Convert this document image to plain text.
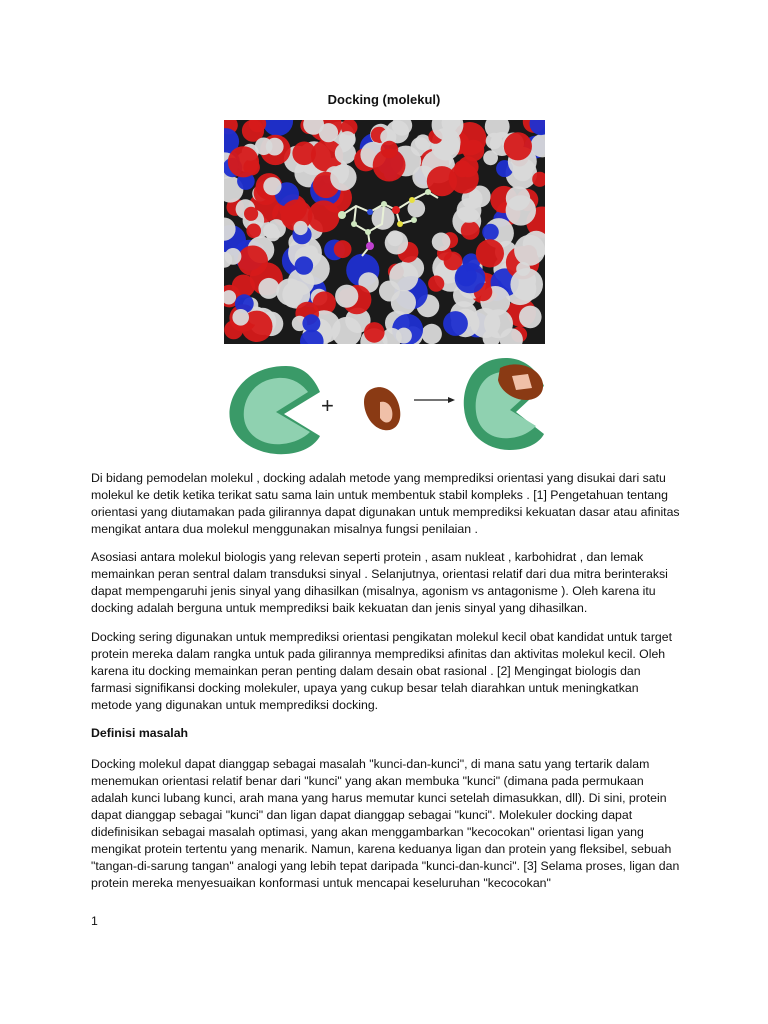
Docking (molekul)
+

Di bidang pemodelan molekul , docking adalah metode yang memprediksi orientasi yang disukai dari satu molekul ke detik ketika terikat satu sama lain untuk membentuk stabil kompleks . [1] Pengetahuan tentang orientasi yang diutamakan pada gilirannya dapat digunakan untuk memprediksi kekuatan dasar atau afinitas mengikat antara dua molekul menggunakan misalnya fungsi penilaian .

Asosiasi antara molekul biologis yang relevan seperti protein , asam nukleat , karbohidrat , dan lemak memainkan peran sentral dalam transduksi sinyal . Selanjutnya, orientasi relatif dari dua mitra berinteraksi dapat mempengaruhi jenis sinyal yang dihasilkan (misalnya, agonism vs antagonisme ). Oleh karena itu docking adalah berguna untuk memprediksi baik kekuatan dan jenis sinyal yang dihasilkan.

Docking sering digunakan untuk memprediksi orientasi pengikatan molekul kecil obat kandidat untuk target protein mereka dalam rangka untuk pada gilirannya memprediksi afinitas dan aktivitas molekul kecil. Oleh karena itu docking memainkan peran penting dalam desain obat rasional . [2] Mengingat biologis dan farmasi signifikansi docking molekuler, upaya yang cukup besar telah diarahkan untuk meningkatkan metode yang digunakan untuk memprediksi docking.

Definisi masalah

Docking molekul dapat dianggap sebagai masalah "kunci-dan-kunci", di mana satu yang tertarik dalam menemukan orientasi relatif benar dari "kunci" yang akan membuka "kunci" (dimana pada permukaan adalah kunci lubang kunci, arah mana yang harus memutar kunci setelah dimasukkan, dll). Di sini, protein dapat dianggap sebagai "kunci" dan ligan dapat dianggap sebagai "kunci". Molekuler docking dapat didefinisikan sebagai masalah optimasi, yang akan menggambarkan "kecocokan" orientasi ligan yang mengikat protein tertentu yang menarik. Namun, karena keduanya ligan dan protein yang fleksibel, sebuah "tangan-di-sarung tangan" analogi yang lebih tepat daripada "kunci-dan-kunci". [3] Selama proses, ligan dan protein mereka menyesuaikan konformasi untuk mencapai keseluruhan "kecocokan"

1
